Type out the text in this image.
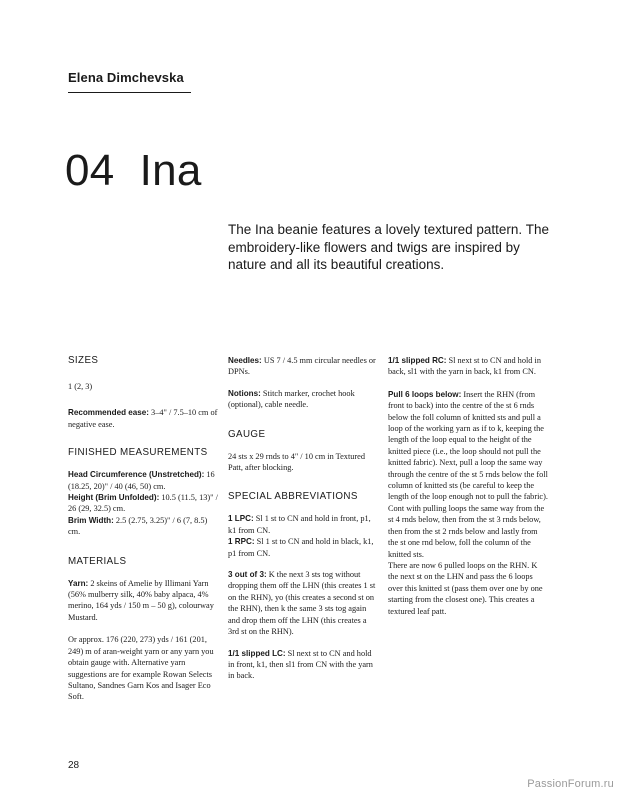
Elena Dimchevska
04  Ina
The Ina beanie features a lovely textured pattern. The embroidery-like flowers and twigs are inspired by nature and all its beautiful creations.

SIZES

1 (2, 3)

Recommended ease: 3–4" / 7.5–10 cm of negative ease.

FINISHED MEASUREMENTS

Head Circumference (Unstretched): 16 (18.25, 20)" / 40 (46, 50) cm.

Height (Brim Unfolded): 10.5 (11.5, 13)" / 26 (29, 32.5) cm.

Brim Width: 2.5 (2.75, 3.25)" / 6 (7, 8.5) cm.

MATERIALS

Yarn: 2 skeins of Amelie by Illimani Yarn (56% mulberry silk, 40% baby alpaca, 4% merino, 164 yds / 150 m – 50 g), colourway Mustard.

Or approx. 176 (220, 273) yds / 161 (201, 249) m of aran-weight yarn or any yarn you obtain gauge with. Alternative yarn suggestions are for example Rowan Selects Sultano, Sandnes Garn Kos and Isager Eco Soft.

Needles: US 7 / 4.5 mm circular needles or DPNs.

Notions: Stitch marker, crochet hook (optional), cable needle.

GAUGE

24 sts x 29 rnds to 4" / 10 cm in Textured Patt, after blocking.

SPECIAL ABBREVIATIONS

1 LPC: Sl 1 st to CN and hold in front, p1, k1 from CN.

1 RPC: Sl 1 st to CN and hold in black, k1, p1 from CN.

3 out of 3: K the next 3 sts tog without dropping them off the LHN (this creates 1 st on the RHN), yo (this creates a second st on the RHN), then k the same 3 sts tog again and drop them off the LHN (this creates a 3rd st on the RHN).

1/1 slipped LC: Sl next st to CN and hold in front, k1, then sl1 from CN with the yarn in back.

1/1 slipped RC: Sl next st to CN and hold in back, sl1 with the yarn in back, k1 from CN.

Pull 6 loops below: Insert the RHN (from front to back) into the centre of the st 6 rnds below the foll column of knitted sts and pull a loop of the working yarn as if to k, keeping the length of the loop equal to the height of the knitted piece (i.e., the loop should not pull the knitted fabric). Next, pull a loop the same way through the centre of the st 5 rnds below the foll column of knitted sts (be careful to keep the length of the loop enough not to pull the fabric).

Cont with pulling loops the same way from the st 4 rnds below, then from the st 3 rnds below, then from the st 2 rnds below and lastly from the st one rnd below, foll the column of the knitted sts.

There are now 6 pulled loops on the RHN. K the next st on the LHN and pass the 6 loops over this knitted st (pass them over one by one starting from the closest one). This creates a textured leaf patt.

28
PassionForum.ru
